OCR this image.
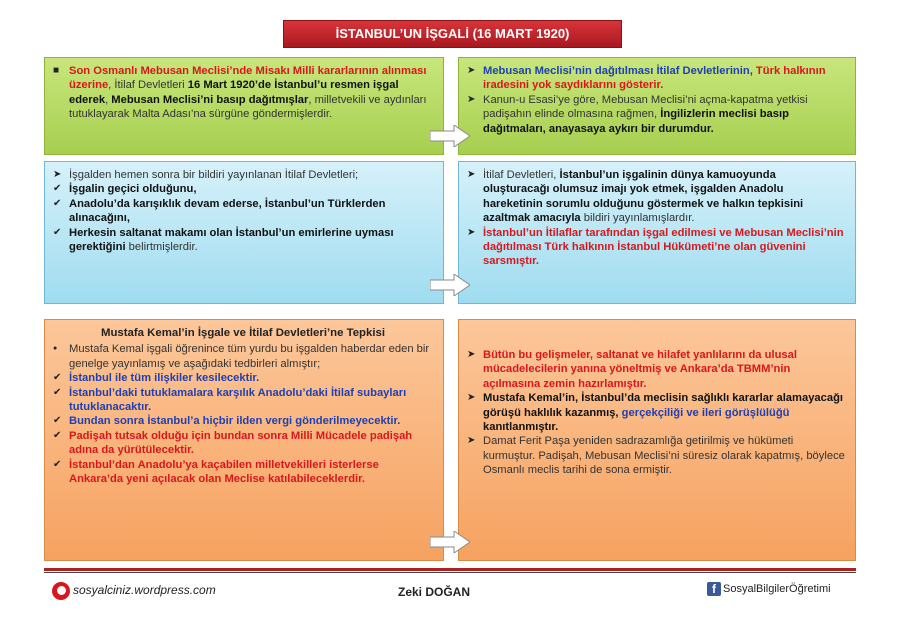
İSTANBUL’UN İŞGALİ (16 MART 1920)
■ Son Osmanlı Mebusan Meclisi’nde Misakı Milli kararlarının alınması üzerine, İtilaf Devletleri 16 Mart 1920’de İstanbul’u resmen işgal ederek, Mebusan Meclisi’ni basıp dağıtmışlar, milletvekili ve aydınları tutuklayarak Malta Adası’na sürgüne göndermişlerdir.
➤ Mebusan Meclisi’nin dağıtılması İtilaf Devletlerinin, Türk halkının iradesini yok saydıklarını gösterir.
➤ Kanun-u Esasi’ye göre, Mebusan Meclisi’ni açma-kapatma yetkisi padişahın elinde olmasına rağmen, İngilizlerin meclisi basıp dağıtmaları, anayasaya aykırı bir durumdur.
➤ İşgalden hemen sonra bir bildiri yayınlanan İtilaf Devletleri;
✔ İşgalin geçici olduğunu,
✔ Anadolu’da karışıklık devam ederse, İstanbul’un Türklerden alınacağını,
✔ Herkesin saltanat makamı olan İstanbul’un emirlerine uyması gerektiğini belirtmişlerdir.
➤ İtilaf Devletleri, İstanbul’un işgalinin dünya kamuoyunda oluşturacağı olumsuz imajı yok etmek, işgalden Anadolu hareketinin sorumlu olduğunu göstermek ve halkın tepkisini azaltmak amacıyla bildiri yayınlamışlardır.
➤ İstanbul’un İtilaflar tarafından işgal edilmesi ve Mebusan Meclisi’nin dağıtılması Türk halkının İstanbul Hükümeti’ne olan güvenini sarsmıştır.
Mustafa Kemal’in İşgale ve İtilaf Devletleri’ne Tepkisi
●	Mustafa Kemal işgali öğrenince tüm yurdu bu işgalden haberdar eden bir genelge yayınlamış ve aşağıdaki tedbirleri almıştır;
✔ İstanbul ile tüm ilişkiler kesilecektir.
✔ İstanbul’daki tutuklamalara karşılık Anadolu’daki İtilaf subayları tutuklanacaktır.
✔ Bundan sonra İstanbul’a hiçbir ilden vergi gönderilmeyecektir.
✔ Padişah tutsak olduğu için bundan sonra Milli Mücadele padişah adına da yürütülecektir.
✔ İstanbul’dan Anadolu’ya kaçabilen milletvekilleri isterlerse Ankara’da yeni açılacak olan Meclise katılabileceklerdir.
➤ Bütün bu gelişmeler, saltanat ve hilafet yanlılarını da ulusal mücadelecilerin yanına yöneltmiş ve Ankara’da TBMM’nin açılmasına zemin hazırlamıştır.
➤ Mustafa Kemal’in, İstanbul’da meclisin sağlıklı kararlar alamayacağı görüşü haklılık kazanmış, gerçekçiliği ve ileri görüşlülüğü kanıtlanmıştır.
➤ Damat Ferit Paşa yeniden sadrazamlığa getirilmiş ve hükümeti kurmuştur. Padişah, Mebusan Meclisi’ni süresiz olarak kapatmış, böylece Osmanlı meclis tarihi de sona ermiştir.
sosyalciniz.wordpress.com	Zeki DOĞAN	f SosyalBilgilerÖğretimi
